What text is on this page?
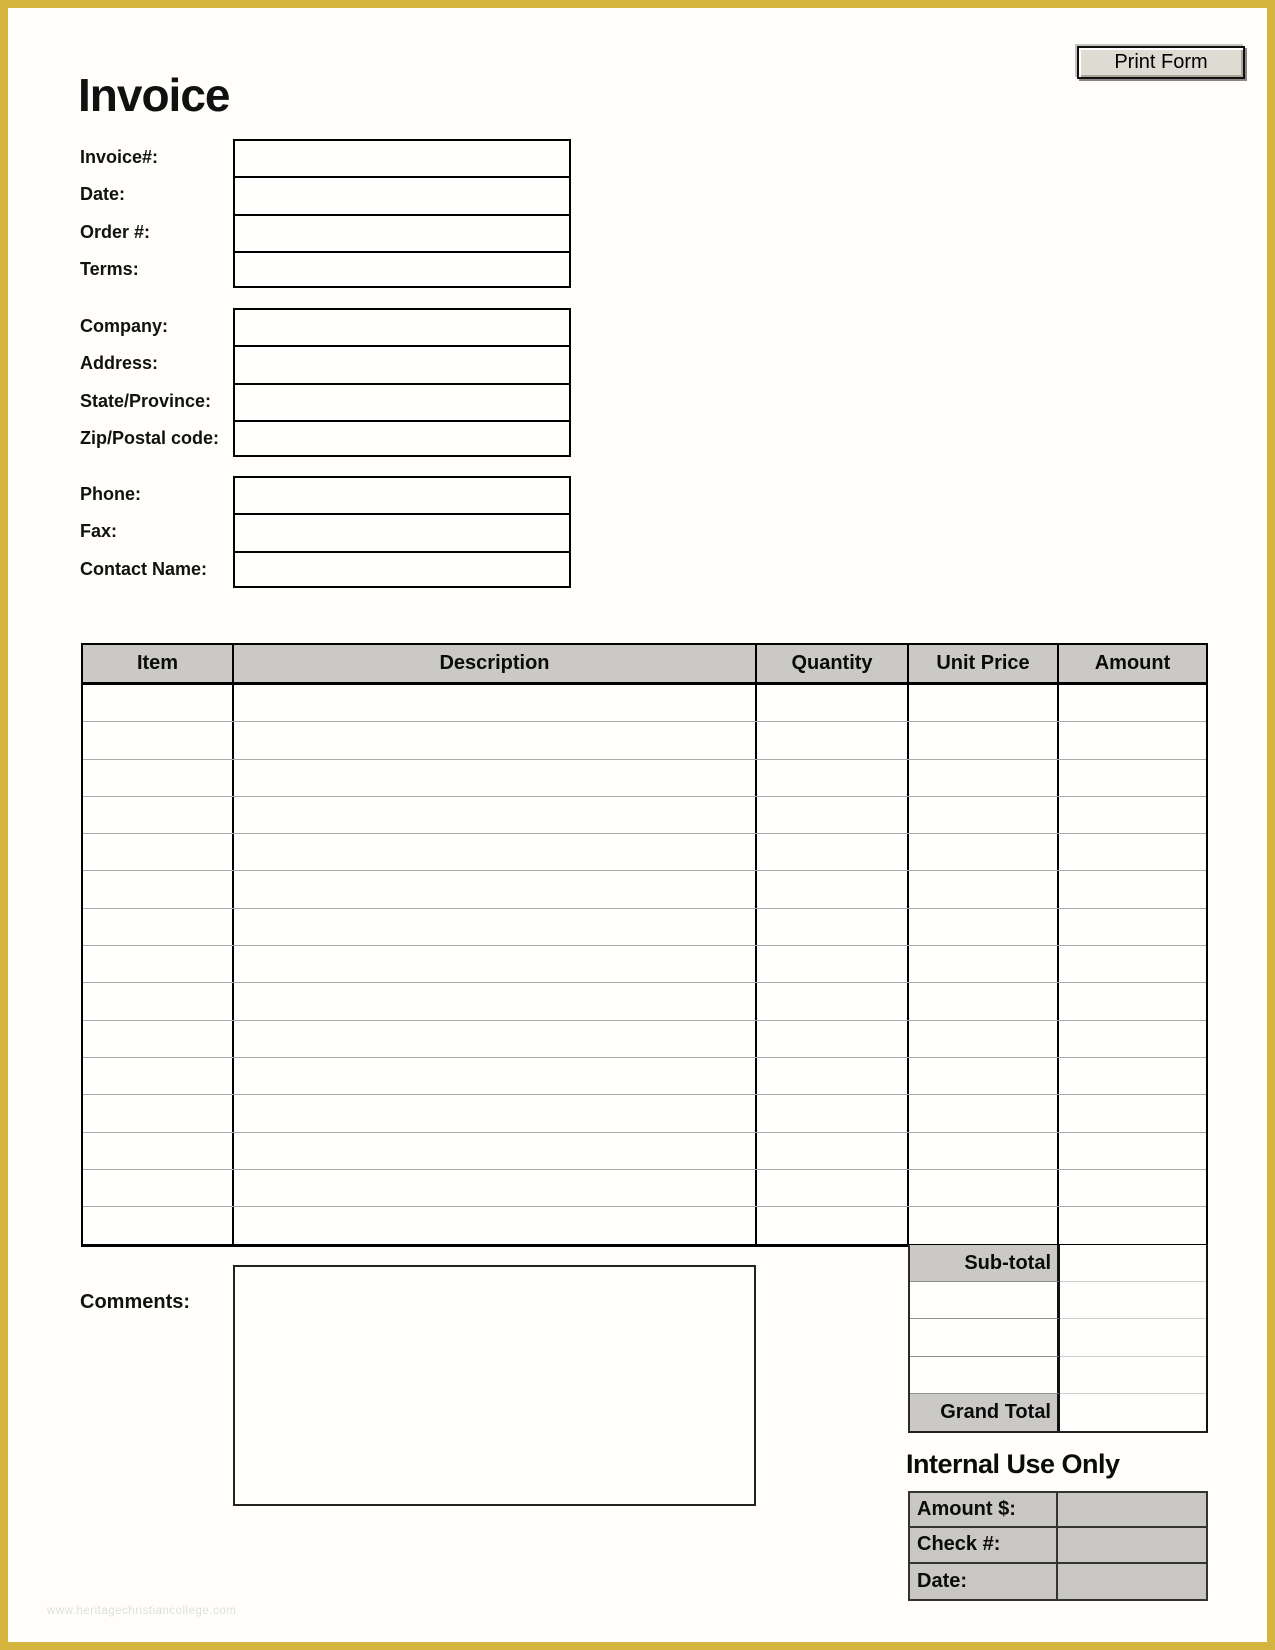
Print Form
Invoice
Invoice#:
Date:
Order #:
Terms:
Company:
Address:
State/Province:
Zip/Postal code:
Phone:
Fax:
Contact Name:
Item	Description	Quantity	Unit Price	Amount
Comments:
Sub-total
Grand Total
Internal Use Only
Amount $:
Check #:
Date:
www.heritagechristiancollege.com
